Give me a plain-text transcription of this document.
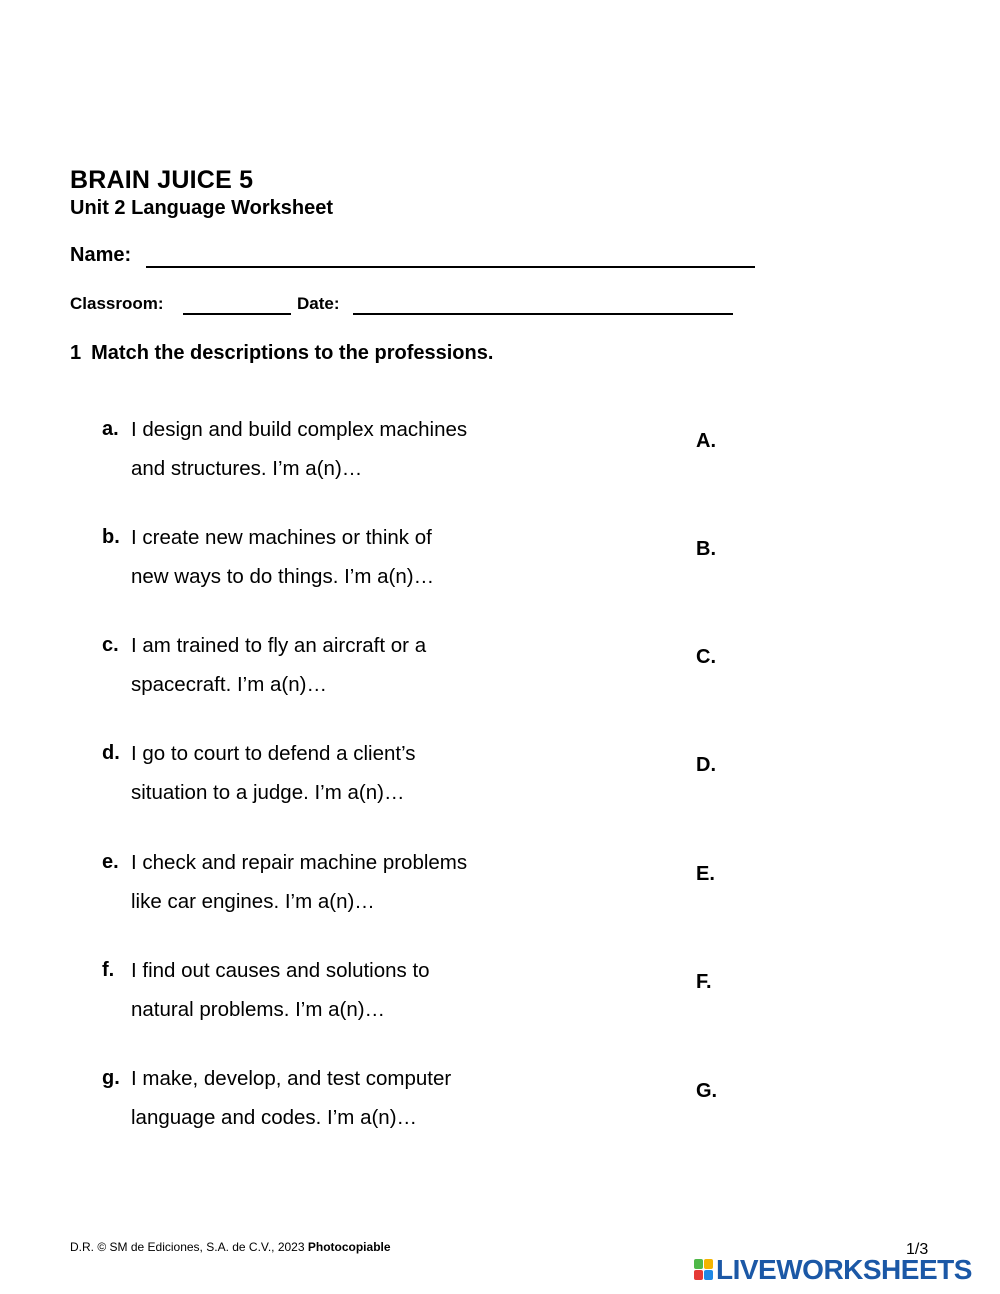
BRAIN JUICE 5
Unit 2 Language Worksheet
Name:
Classroom:	Date:
1 Match the descriptions to the professions.
a. I design and build complex machines
and structures. I’m a(n)…
A.
b. I create new machines or think of
new ways to do things. I’m a(n)…
B.
c. I am trained to fly an aircraft or a
spacecraft. I’m a(n)…
C.
d. I go to court to defend a client’s
situation to a judge. I’m a(n)…
D.
e. I check and repair machine problems
like car engines. I’m a(n)…
E.
f. I find out causes and solutions to
natural problems. I’m a(n)…
F.
g. I make, develop, and test computer
language and codes. I’m a(n)…
G.
D.R. © SM de Ediciones, S.A. de C.V., 2023 Photocopiable	1/3
LIVEWORKSHEETS
